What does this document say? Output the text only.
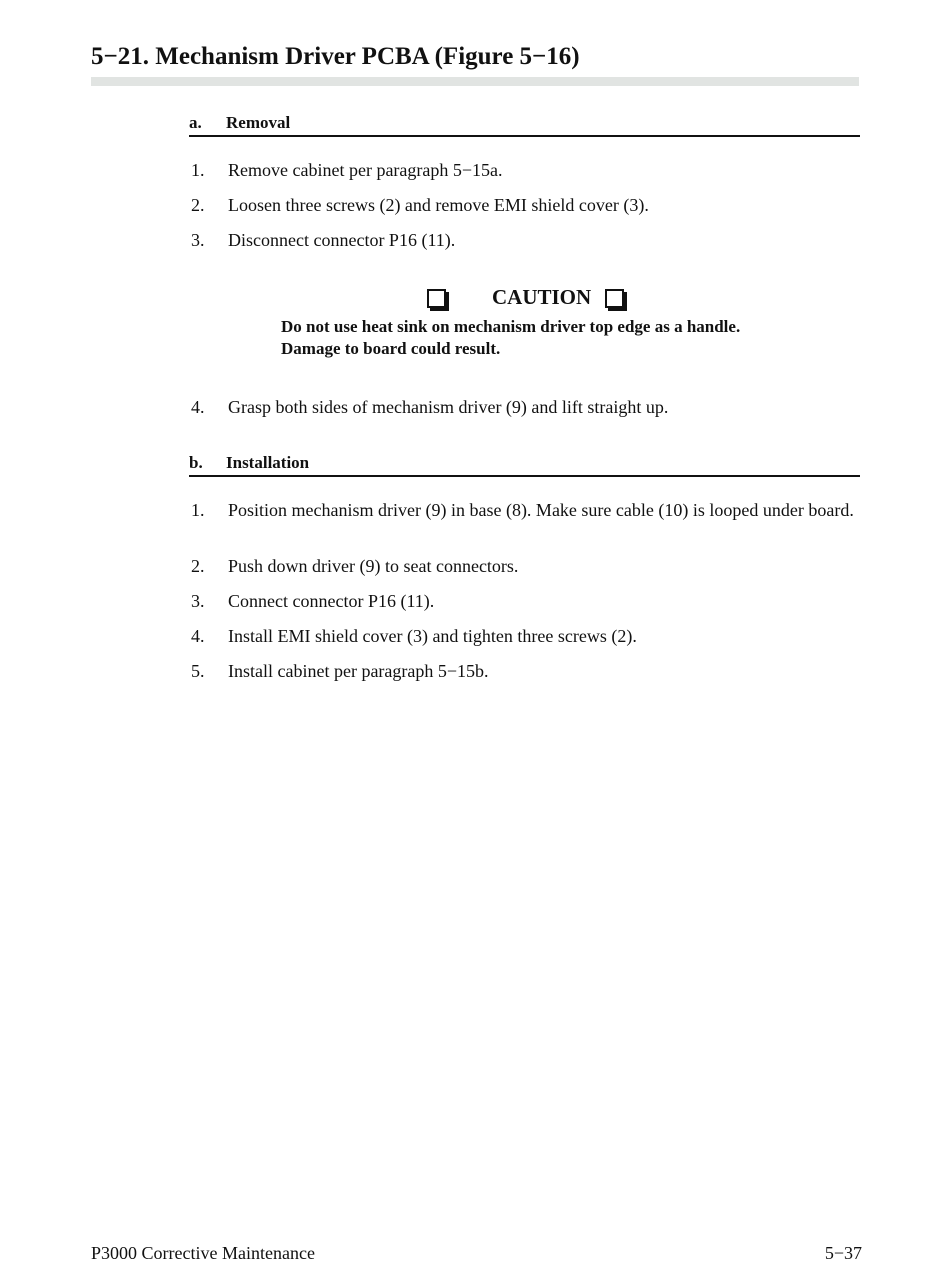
5−21. Mechanism Driver PCBA (Figure 5−16)
a. Removal
1. Remove cabinet per paragraph 5−15a.
2. Loosen three screws (2) and remove EMI shield cover (3).
3. Disconnect connector P16 (11).
CAUTION
Do not use heat sink on mechanism driver top edge as a handle.
Damage to board could result.
4. Grasp both sides of mechanism driver (9) and lift straight up.
b. Installation
1. Position mechanism driver (9) in base (8). Make sure cable (10) is looped under board.
2. Push down driver (9) to seat connectors.
3. Connect connector P16 (11).
4. Install EMI shield cover (3) and tighten three screws (2).
5. Install cabinet per paragraph 5−15b.
P3000 Corrective Maintenance	5−37
